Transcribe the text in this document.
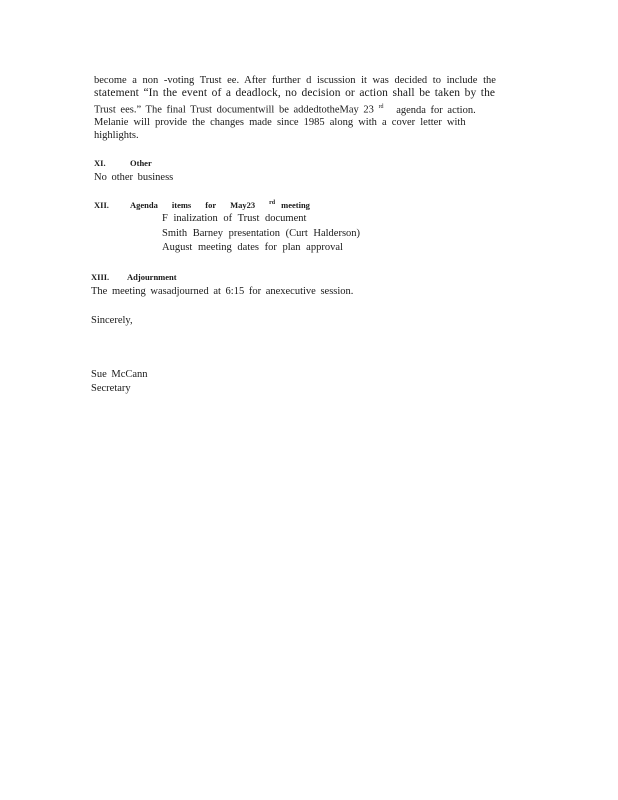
become a non -voting Trust ee. After further d iscussion it was decided to include the
statement “In the event of a deadlock, no decision or action shall be taken by the
Trust ees.” The final Trust documentwill be addedtotheMay 23 $^{rd}$ agenda for action.
Melanie will provide the changes made since 1985 along with a cover letter with
highlights.
XI.	Other
No other business
XII. Agenda items for May23 $^{rd}$ meeting
F inalization of Trust document
Smith Barney presentation (Curt Halderson)
August meeting dates for plan approval
XIII. Adjournment
The meeting wasadjourned at 6:15 for anexecutive session.
Sincerely,
Sue McCann
Secretary
